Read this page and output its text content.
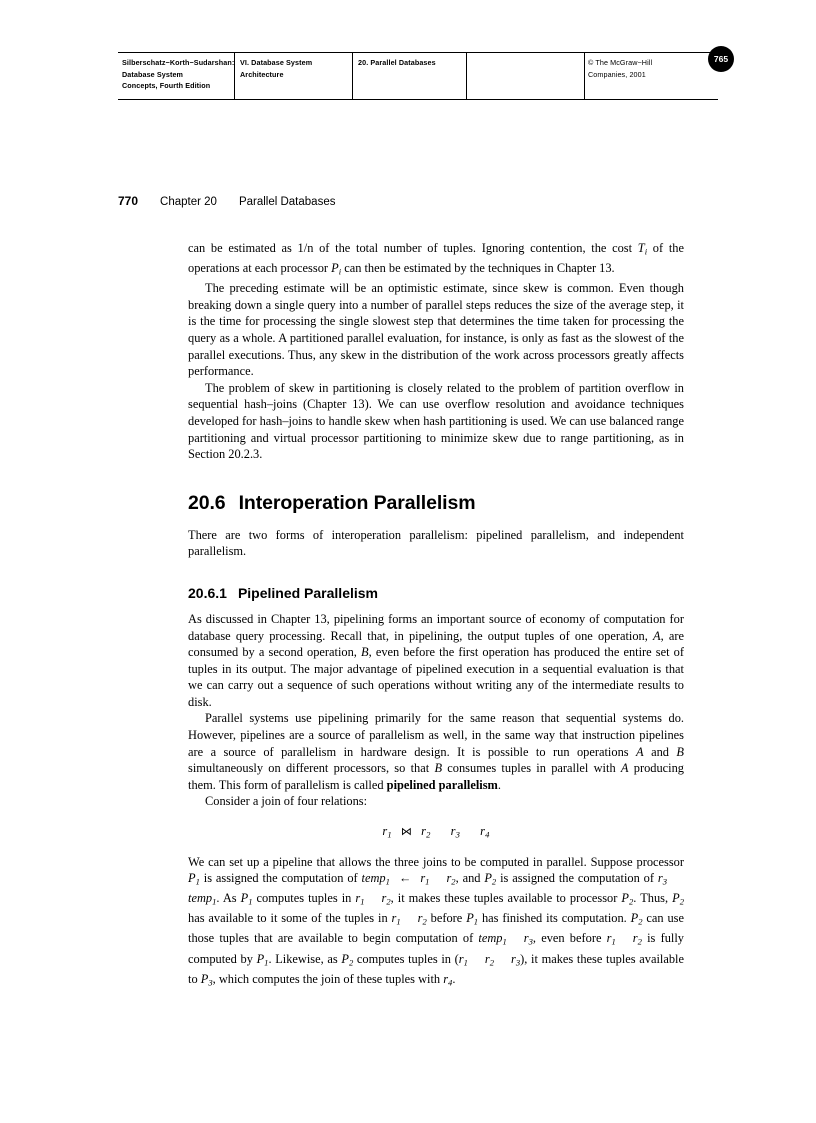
Silberschatz−Korth−Sudarshan:
Database System
Concepts, Fourth Edition
VI. Database System
Architecture
20. Parallel Databases	© The McGraw−Hill
Companies, 2001
765
770 Chapter 20 Parallel Databases

can be estimated as 1/n of the total number of tuples. Ignoring contention, the cost $T_i$ of the operations at each processor $P_i$ can then be estimated by the techniques in Chapter 13.

The preceding estimate will be an optimistic estimate, since skew is common. Even though breaking down a single query into a number of parallel steps reduces the size of the average step, it is the time for processing the single slowest step that determines the time taken for processing the query as a whole. A partitioned parallel evaluation, for instance, is only as fast as the slowest of the parallel executions. Thus, any skew in the distribution of the work across processors greatly affects performance.

The problem of skew in partitioning is closely related to the problem of partition overflow in sequential hash–joins (Chapter 13). We can use overflow resolution and avoidance techniques developed for hash–joins to handle skew when hash partitioning is used. We can use balanced range partitioning and virtual processor partitioning to minimize skew due to range partitioning, as in Section 20.2.3.

20.6 Interoperation Parallelism

There are two forms of interoperation parallelism: pipelined parallelism, and independent parallelism.

20.6.1 Pipelined Parallelism

As discussed in Chapter 13, pipelining forms an important source of economy of computation for database query processing. Recall that, in pipelining, the output tuples of one operation, A, are consumed by a second operation, B, even before the first operation has produced the entire set of tuples in its output. The major advantage of pipelined execution in a sequential evaluation is that we can carry out a sequence of such operations without writing any of the intermediate results to disk.

Parallel systems use pipelining primarily for the same reason that sequential systems do. However, pipelines are a source of parallelism as well, in the same way that instruction pipelines are a source of parallelism in hardware design. It is possible to run operations A and B simultaneously on different processors, so that B consumes tuples in parallel with A producing them. This form of parallelism is called pipelined parallelism.

Consider a join of four relations:

$r_1$ ⋈ $r_2$ $r_3$ $r_4$

We can set up a pipeline that allows the three joins to be computed in parallel. Suppose processor $P_1$ is assigned the computation of temp$_1$ ← $r_1$ $r_2$, and $P_2$ is assigned the computation of $r_3temp_1$. As $P_1$ computes tuples in $r_1$ $r_2$, it makes these tuples available to processor $P_2$. Thus, $P_2$ has available to it some of the tuples in $r_1$ $r_2$ before $P_1$ has finished its computation. $P_2$ can use those tuples that are available to begin computation of temp$_1$ $r_3$, even before $r_1$ $r_2$ is fully computed by $P_1$. Likewise, as $P_2$ computes tuples in ($r_1$ $r_2$ $r_3$), it makes these tuples available to $P_3$, which computes the join of these tuples with $r_4$.
